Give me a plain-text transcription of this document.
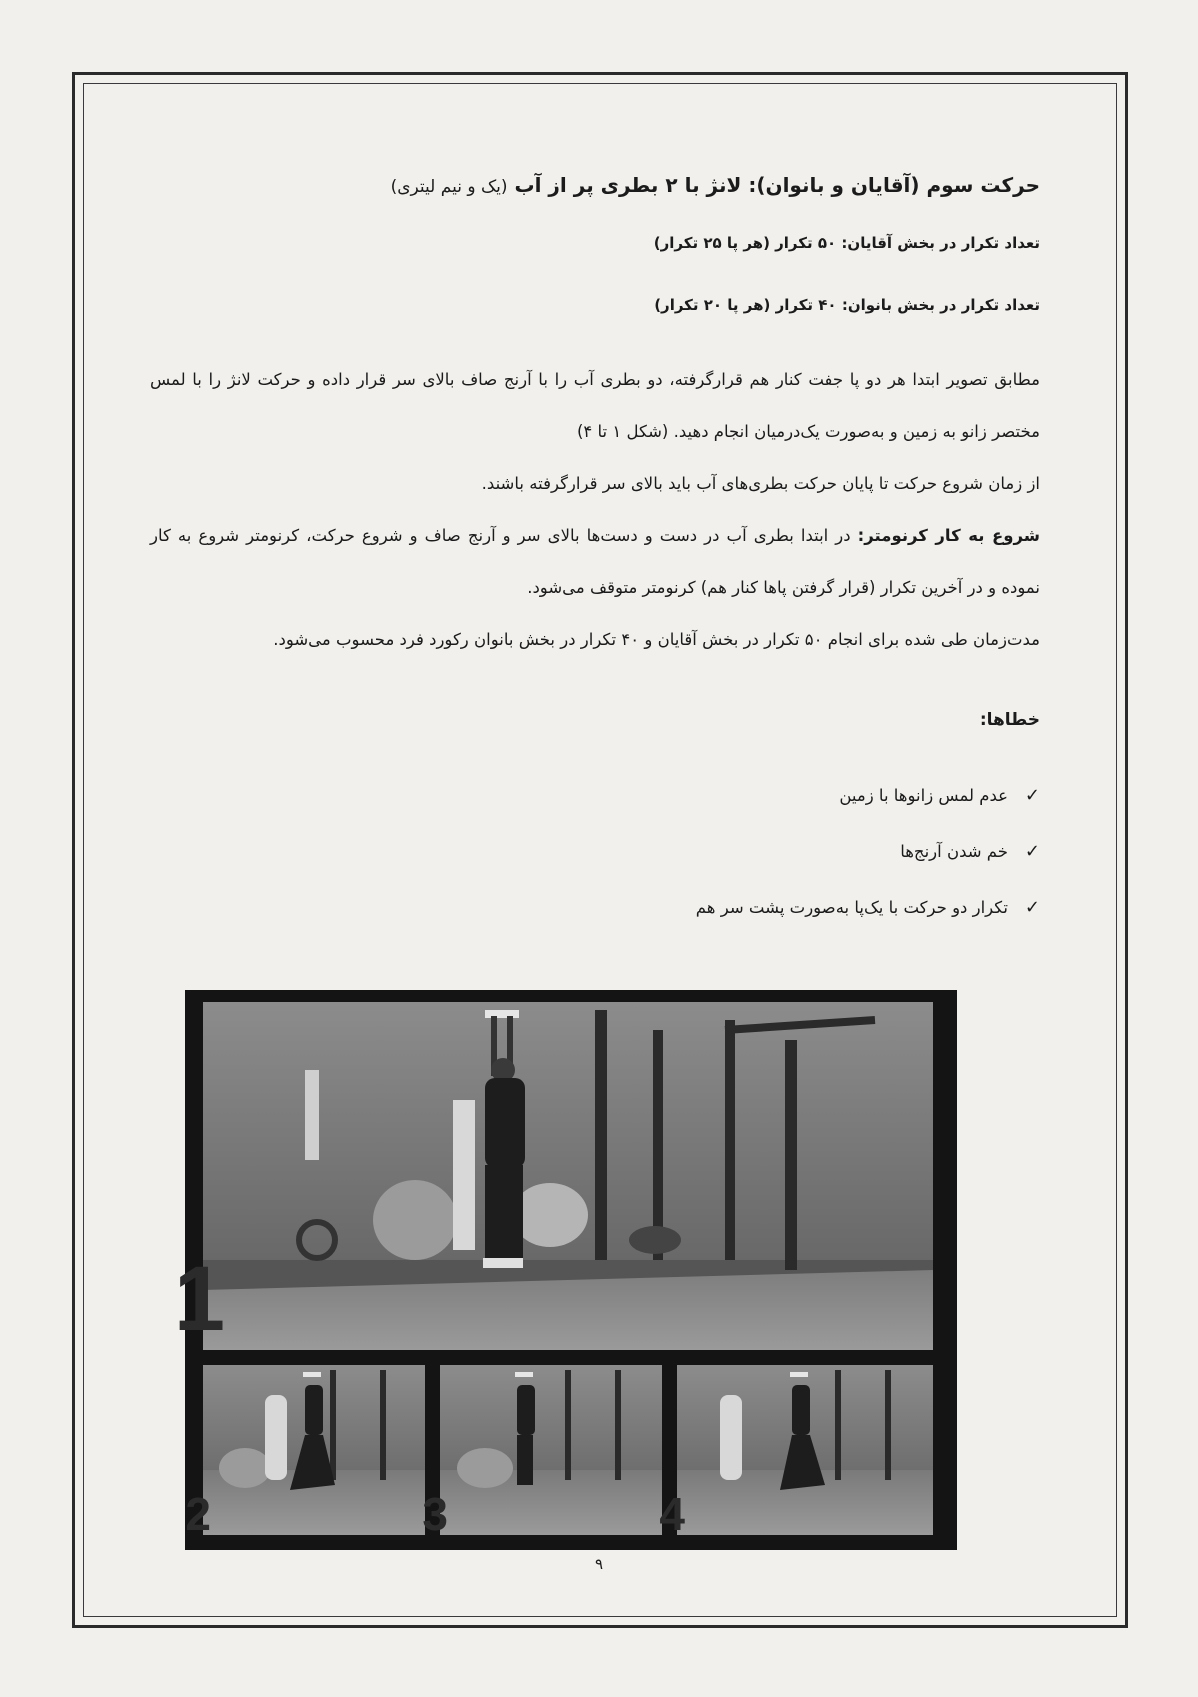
حرکت سوم (آقایان و بانوان): لانژ با ۲ بطری پر از آب (یک و نیم لیتری)

تعداد تکرار در بخش آقایان: ۵۰ تکرار (هر پا ۲۵ تکرار)

تعداد تکرار در بخش بانوان: ۴۰ تکرار (هر پا ۲۰ تکرار)

مطابق تصویر ابتدا هر دو پا جفت کنار هم قرارگرفته، دو بطری آب را با آرنج صاف بالای سر قرار داده و حرکت لانژ را با لمس مختصر زانو به زمین و به‌صورت یک‌درمیان انجام دهید. (شکل ۱ تا ۴)

از زمان شروع حرکت تا پایان حرکت بطری‌های آب باید بالای سر قرارگرفته باشند.

شروع به کار کرنومتر: در ابتدا بطری آب در دست و دست‌ها بالای سر و آرنج صاف و شروع حرکت، کرنومتر شروع به کار نموده و در آخرین تکرار (قرار گرفتن پاها کنار هم) کرنومتر متوقف می‌شود.

مدت‌زمان طی شده برای انجام ۵۰ تکرار در بخش آقایان و ۴۰ تکرار در بخش بانوان رکورد فرد محسوب می‌شود.

خطاها:
✓
عدم لمس زانوها با زمین
✓
خم شدن آرنج‌ها
✓
تکرار دو حرکت با یک‌پا به‌صورت پشت سر هم
1
2	3	4
۹
